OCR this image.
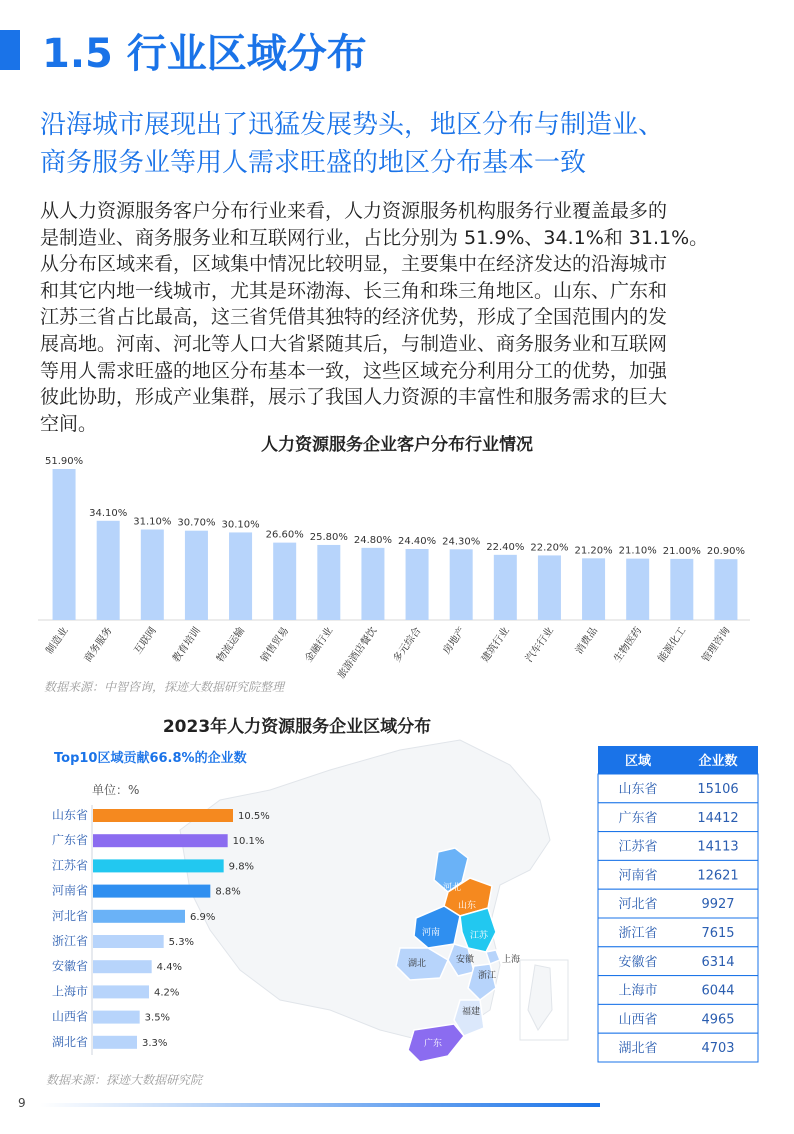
1.5 行业区域分布
沿海城市展现出了迅猛发展势头，地区分布与制造业、
商务服务业等用人需求旺盛的地区分布基本一致
从人力资源服务客户分布行业来看，人力资源服务机构服务行业覆盖最多的
是制造业、商务服务业和互联网行业，占比分别为 51.9%、34.1%和 31.1%。
从分布区域来看，区域集中情况比较明显，主要集中在经济发达的沿海城市
和其它内地一线城市，尤其是环渤海、长三角和珠三角地区。山东、广东和
江苏三省占比最高，这三省凭借其独特的经济优势，形成了全国范围内的发
展高地。河南、河北等人口大省紧随其后，与制造业、商务服务业和互联网
等用人需求旺盛的地区分布基本一致，这些区域充分利用分工的优势，加强
彼此协助，形成产业集群，展示了我国人力资源的丰富性和服务需求的巨大
空间。
人力资源服务企业客户分布行业情况
51.90%
制造业
34.10%
商务服务
31.10%
互联网
30.70%
教育培训
30.10%
物流运输
26.60%
销售贸易
25.80%
金融行业
24.80%
旅游酒店餐饮
24.40%
多元综合
24.30%
房地产
22.40%
建筑行业
22.20%
汽车行业
21.20%
消费品
21.10%
生物医药
21.00%
能源化工
20.90%
管理咨询
数据来源：中智咨询，探迹大数据研究院整理
2023年人力资源服务企业区域分布
Top10区域贡献66.8%的企业数
单位：%
河北
山东
河南	江苏
安徽	上海
湖北
浙江
福建
广东
山东省	10.5%
广东省	10.1%
江苏省	9.8%
河南省	8.8%
河北省	6.9%
浙江省	5.3%
安徽省	4.4%
上海市	4.2%
山西省	3.5%
湖北省	3.3%
区域	企业数
山东省	15106
广东省	14412
江苏省	14113
河南省	12621
河北省	9927
浙江省	7615
安徽省	6314
上海市	6044
山西省	4965
湖北省	4703
数据来源：探迹大数据研究院
9
